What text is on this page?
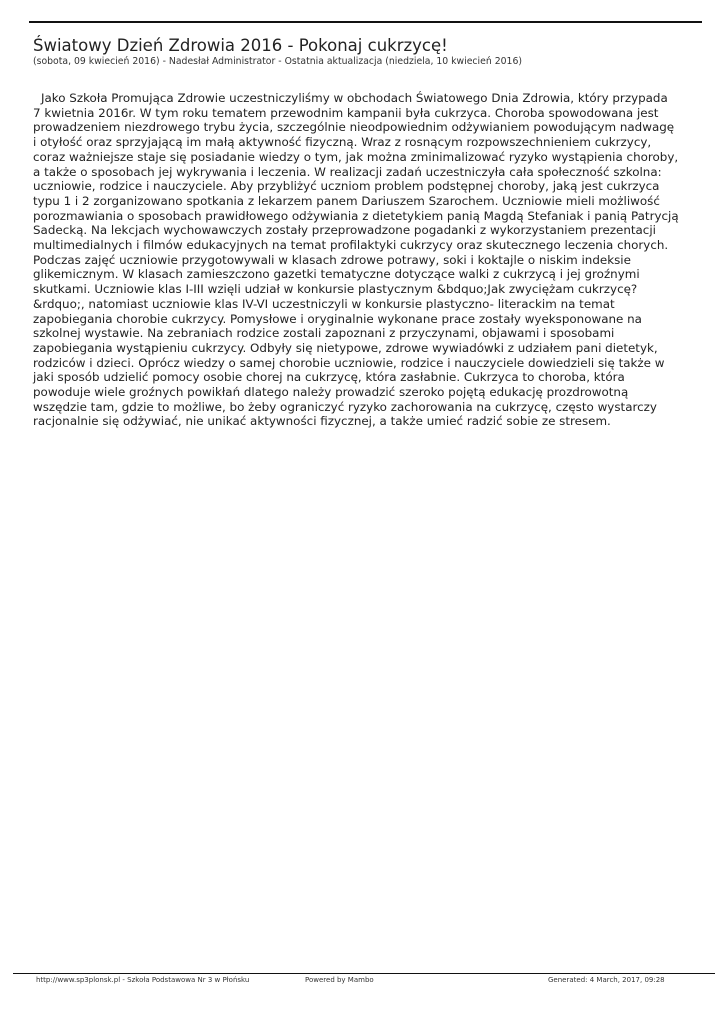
Światowy Dzień Zdrowia 2016 - Pokonaj cukrzycę!
(sobota, 09 kwiecień 2016) - Nadesłał Administrator - Ostatnia aktualizacja (niedziela, 10 kwiecień 2016)

Jako Szkoła Promująca Zdrowie uczestniczyliśmy w obchodach Światowego Dnia Zdrowia, który przypada 7 kwietnia 2016r. W tym roku tematem przewodnim kampanii była cukrzyca. Choroba spowodowana jest prowadzeniem niezdrowego trybu życia, szczególnie nieodpowiednim odżywianiem powodującym nadwagę i otyłość oraz sprzyjającą im małą aktywność fizyczną. Wraz z rosnącym rozpowszechnieniem cukrzycy, coraz ważniejsze staje się posiadanie wiedzy o tym, jak można zminimalizować ryzyko wystąpienia choroby, a także o sposobach jej wykrywania i leczenia. W realizacji zadań uczestniczyła cała społeczność szkolna: uczniowie, rodzice i nauczyciele. Aby przybliżyć uczniom problem podstępnej choroby, jaką jest cukrzyca typu 1 i 2 zorganizowano spotkania z lekarzem panem Dariuszem Szarochem. Uczniowie mieli możliwość porozmawiania o sposobach prawidłowego odżywiania z dietetykiem panią Magdą Stefaniak i panią Patrycją Sadecką. Na lekcjach wychowawczych zostały przeprowadzone pogadanki z wykorzystaniem prezentacji multimedialnych i filmów edukacyjnych na temat profilaktyki cukrzycy oraz skutecznego leczenia chorych. Podczas zajęć uczniowie przygotowywali w klasach zdrowe potrawy, soki i koktajle o niskim indeksie glikemicznym. W klasach zamieszczono gazetki tematyczne dotyczące walki z cukrzycą i jej groźnymi skutkami. Uczniowie klas I-III wzięli udział w konkursie plastycznym &bdquo;Jak zwyciężam cukrzycę?&rdquo;, natomiast uczniowie klas IV-VI uczestniczyli w konkursie plastyczno- literackim na temat zapobiegania chorobie cukrzycy. Pomysłowe i oryginalnie wykonane prace zostały wyeksponowane na szkolnej wystawie. Na zebraniach rodzice zostali zapoznani z przyczynami, objawami i sposobami zapobiegania wystąpieniu cukrzycy. Odbyły się nietypowe, zdrowe wywiadówki z udziałem pani dietetyk, rodziców i dzieci. Oprócz wiedzy o samej chorobie uczniowie, rodzice i nauczyciele dowiedzieli się także w jaki sposób udzielić pomocy osobie chorej na cukrzycę, która zasłabnie. Cukrzyca to choroba, która powoduje wiele groźnych powikłań dlatego należy prowadzić szeroko pojętą edukację prozdrowotną wszędzie tam, gdzie to możliwe, bo żeby ograniczyć ryzyko zachorowania na cukrzycę, często wystarczy racjonalnie się odżywiać, nie unikać aktywności fizycznej, a także umieć radzić sobie ze stresem.

http://www.sp3plonsk.pl - Szkoła Podstawowa Nr 3 w Płońsku	Powered by Mambo	Generated: 4 March, 2017, 09:28
